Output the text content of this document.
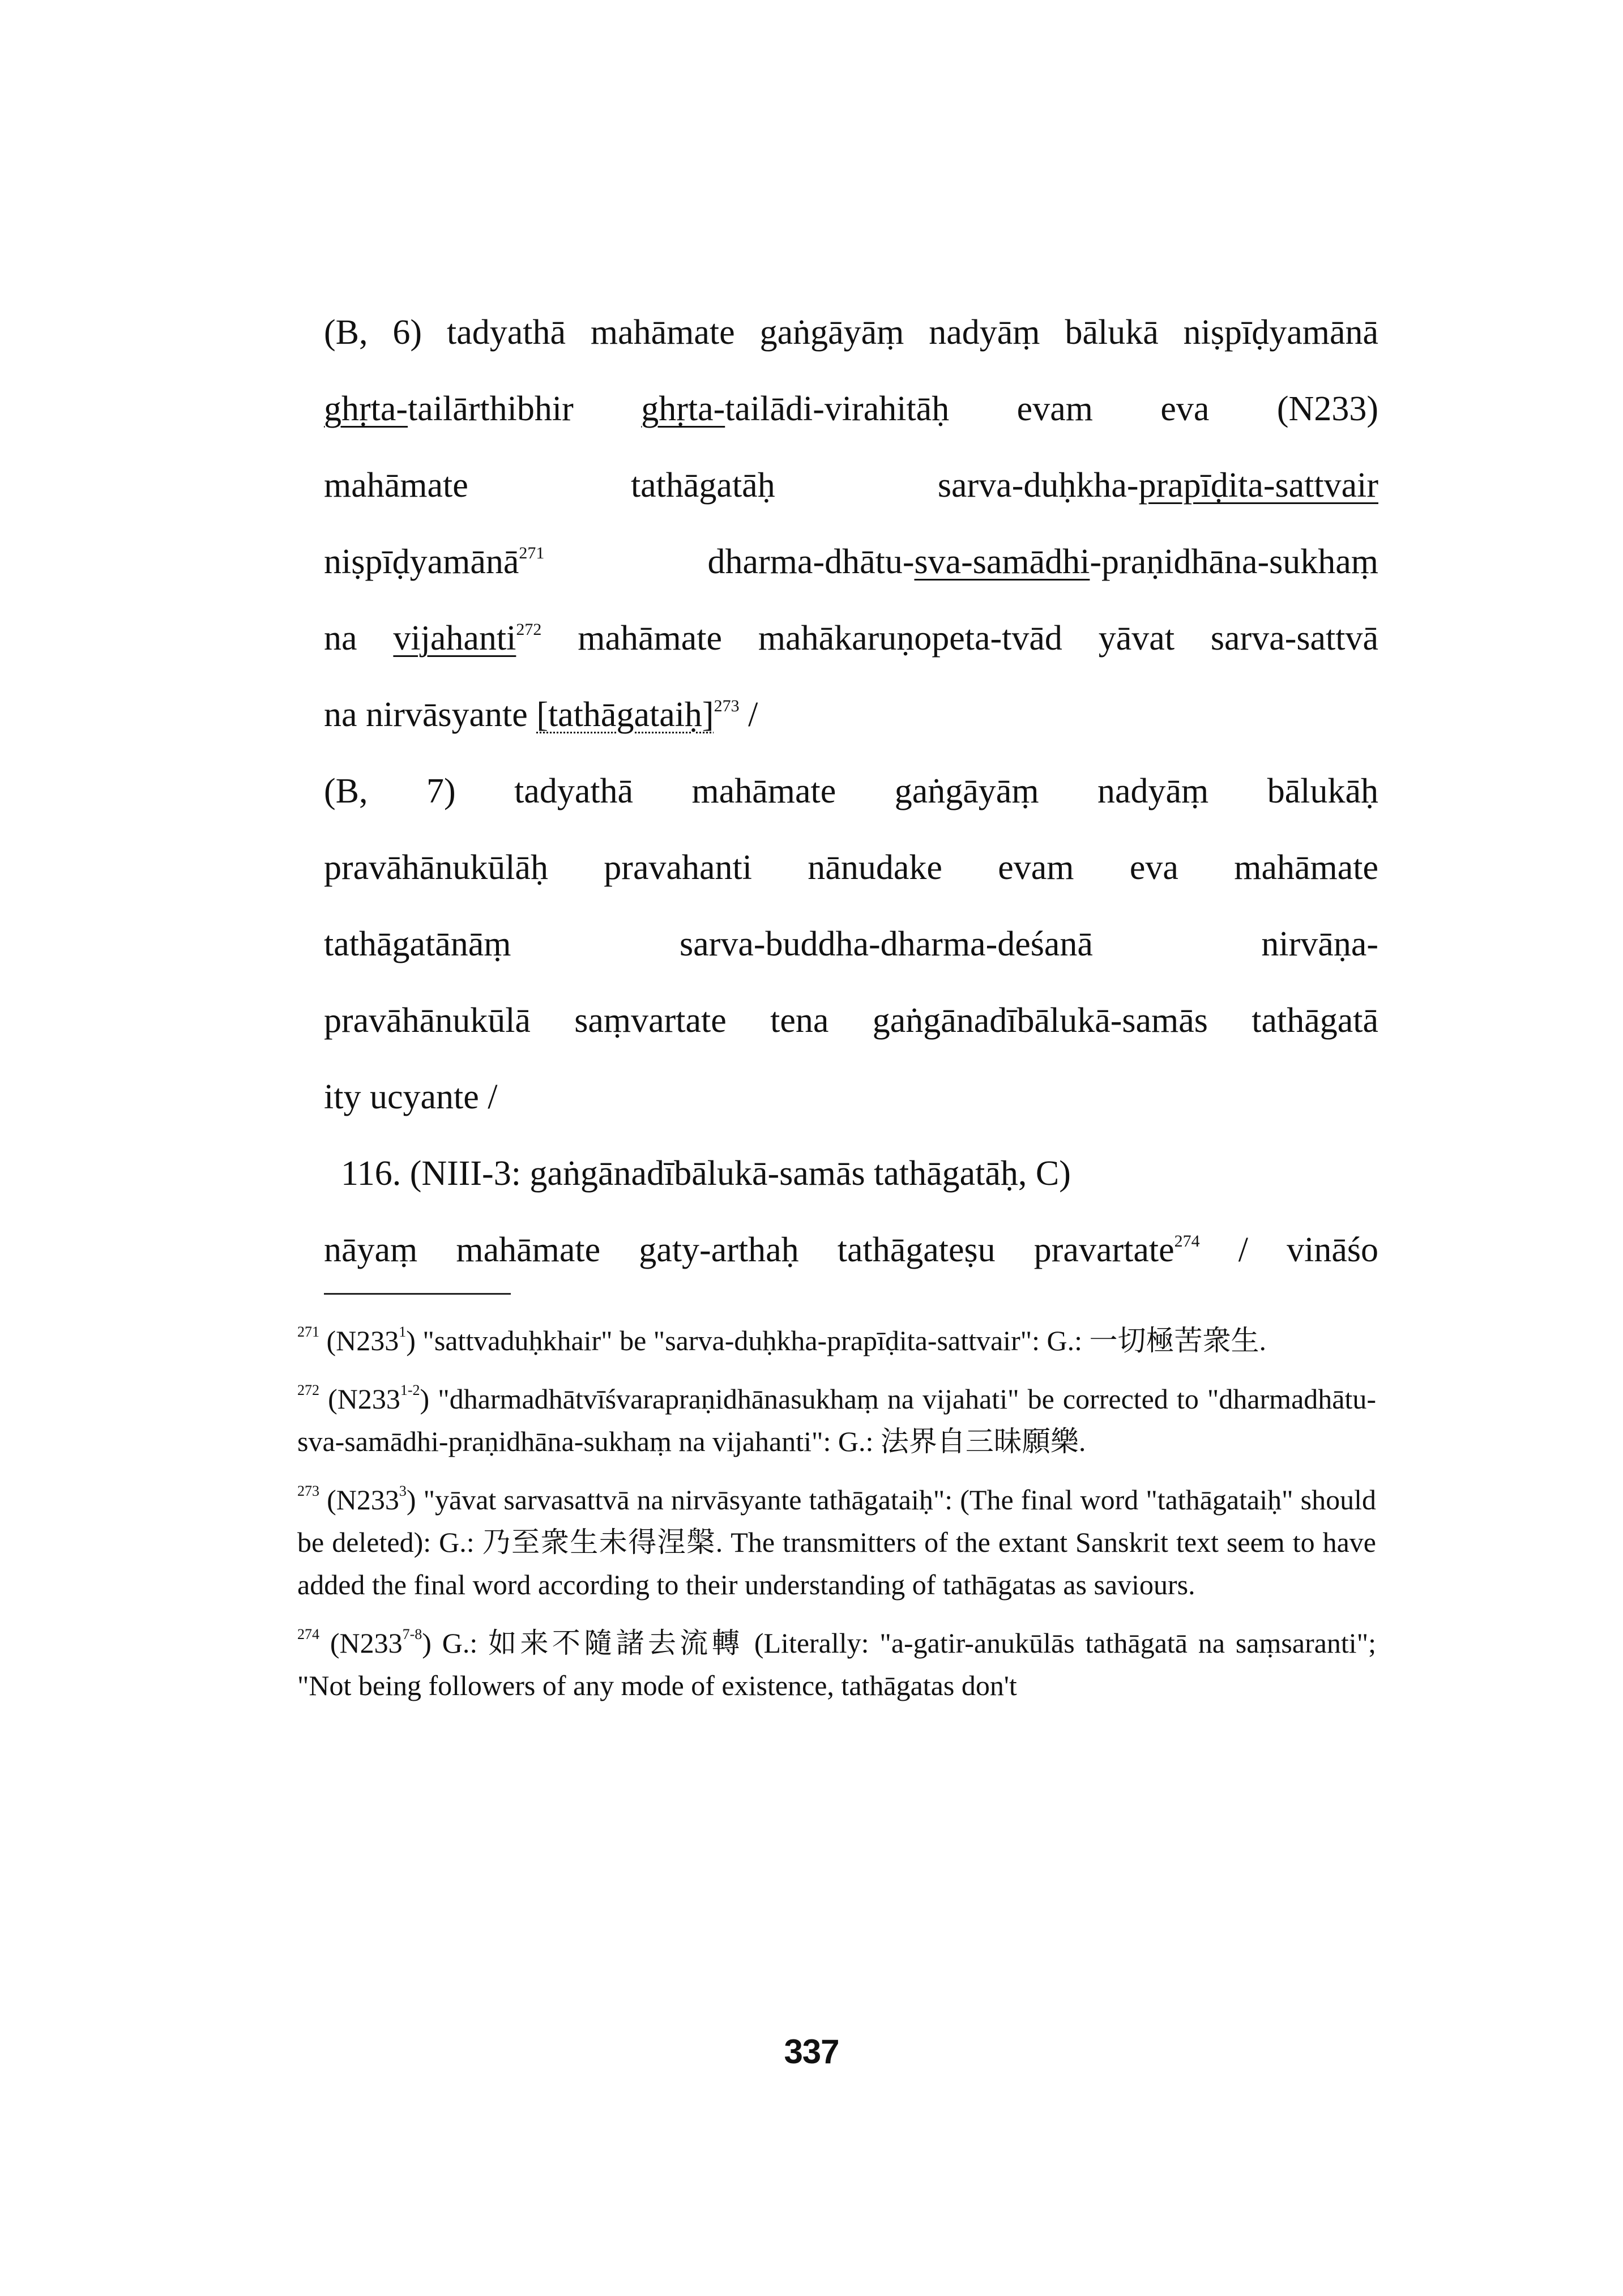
(B, 6) tadyathā mahāmate gaṅgāyāṃ nadyāṃ bālukā niṣpīḍyamānā
ghṛta-tailārthibhir ghṛta-tailādi-virahitāḥ evam eva (N233)
mahāmate tathāgatāḥ sarva-duḥkha-prapīḍita-sattvair
niṣpīḍyamānā$^{271}$ dharma-dhātu-sva-samādhi-praṇidhāna-sukhaṃ
na vijahanti$^{272}$ mahāmate mahākaruṇopeta-tvād yāvat sarva-sattvā
na nirvāsyante [tathāgataiḥ]$^{273}$ /
(B, 7) tadyathā mahāmate gaṅgāyāṃ nadyāṃ bālukāḥ
pravāhānukūlāḥ pravahanti nānudake evam eva mahāmate
tathāgatānāṃ sarva-buddha-dharma-deśanā nirvāṇa-
pravāhānukūlā saṃvartate tena gaṅgānadībālukā-samās tathāgatā
ity ucyante /
116. (NIII-3: gaṅgānadībālukā-samās tathāgatāḥ, C)
nāyaṃ mahāmate gaty-arthaḥ tathāgateṣu pravartate$^{274}$ / vināśo
$^{271}$ $(N233^1)$ "sattvaduḥkhair" be "sarva-duḥkha-prapīḍita-sattvair": G.: 一切極苦衆生.
$^{272}$ (N233$^{1-2}$) "dharmadhātvīśvarapraṇidhānasukhaṃ na vijahati" be corrected to "dharmadhātu-sva-samādhi-praṇidhāna-sukhaṃ na vijahanti": G.: 法界自三昧願樂.
$^{273}$ $(N233^3)$ "yāvat sarvasattvā na nirvāsyante tathāgataiḥ": (The final word "tathāgataiḥ" should be deleted): G.: 乃至衆生未得涅槃. The transmitters of the extant Sanskrit text seem to have added the final word according to their understanding of tathāgatas as saviours.
$^{274}$ (N233$^{7-8}$) G.: 如来不隨諸去流轉 (Literally: "a-gatir-anukūlās tathāgatā na saṃsaranti"; "Not being followers of any mode of existence, tathāgatas don't
337
